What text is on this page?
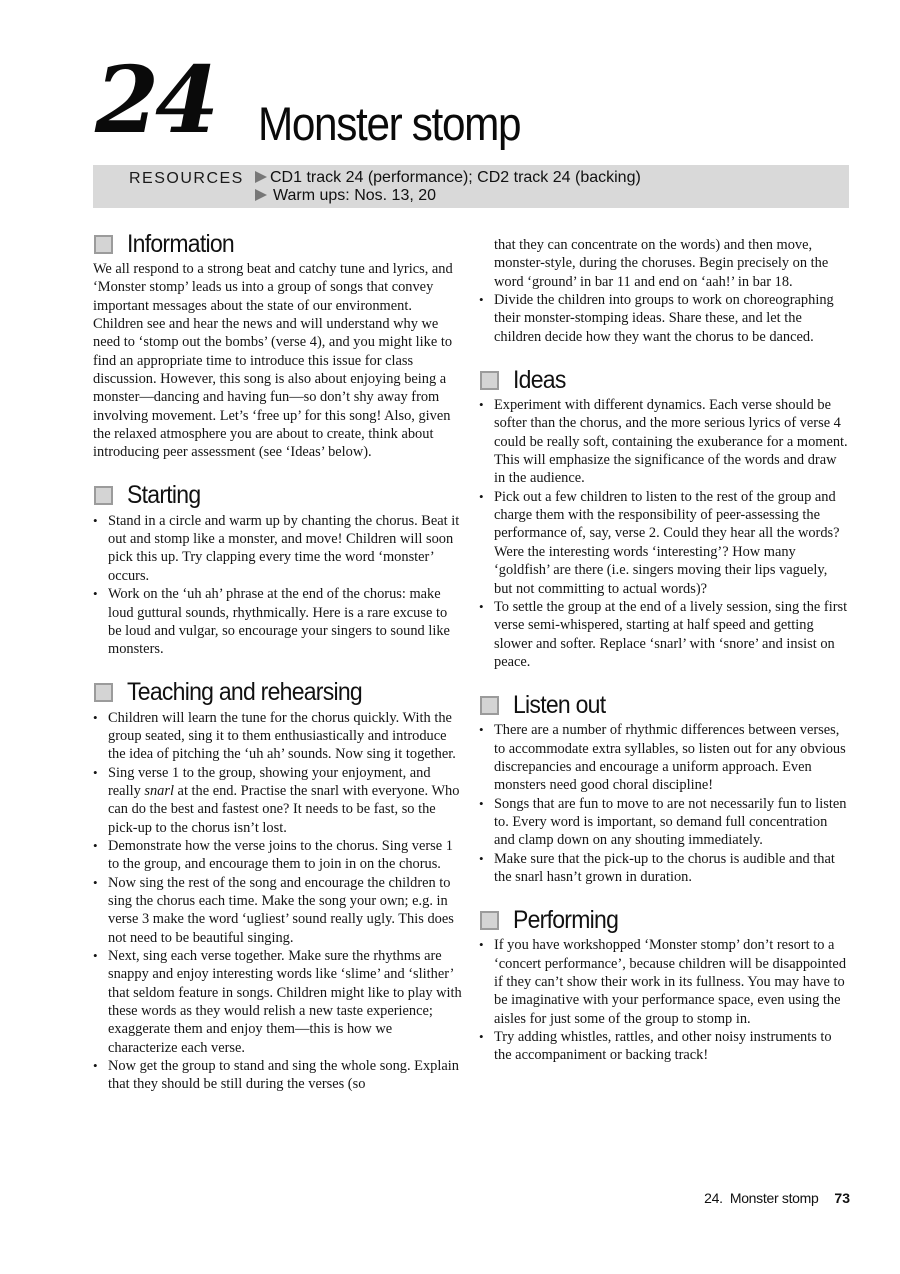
24 Monster stomp
RESOURCES	CD1 track 24 (performance); CD2 track 24 (backing)
Warm ups: Nos. 13, 20
Information

We all respond to a strong beat and catchy tune and lyrics, and ‘Monster stomp’ leads us into a group of songs that convey important messages about the state of our environment. Children see and hear the news and will understand why we need to ‘stomp out the bombs’ (verse 4), and you might like to find an appropriate time to introduce this issue for class discussion. However, this song is also about enjoying being a monster—dancing and having fun—so don’t shy away from involving movement. Let’s ‘free up’ for this song! Also, given the relaxed atmosphere you are about to create, think about introducing peer assessment (see ‘Ideas’ below).

Starting
• Stand in a circle and warm up by chanting the chorus. Beat it out and stomp like a monster, and move! Children will soon pick this up. Try clapping every time the word ‘monster’ occurs.
• Work on the ‘uh ah’ phrase at the end of the chorus: make loud guttural sounds, rhythmically. Here is a rare excuse to be loud and vulgar, so encourage your singers to sound like monsters.
Teaching and rehearsing
• Children will learn the tune for the chorus quickly. With the group seated, sing it to them enthusiastically and introduce the idea of pitching the ‘uh ah’ sounds. Now sing it together.
• Sing verse 1 to the group, showing your enjoyment, and really snarl at the end. Practise the snarl with everyone. Who can do the best and fastest one? It needs to be fast, so the pick-up to the chorus isn’t lost.
• Demonstrate how the verse joins to the chorus. Sing verse 1 to the group, and encourage them to join in on the chorus.
• Now sing the rest of the song and encourage the children to sing the chorus each time. Make the song your own; e.g. in verse 3 make the word ‘ugliest’ sound really ugly. This does not need to be beautiful singing.
• Next, sing each verse together. Make sure the rhythms are snappy and enjoy interesting words like ‘slime’ and ‘slither’ that seldom feature in songs. Children might like to play with these words as they would relish a new taste experience; exaggerate them and enjoy them—this is how we characterize each verse.
• Now get the group to stand and sing the whole song. Explain that they should be still during the verses (so
that they can concentrate on the words) and then move, monster-style, during the choruses. Begin precisely on the word ‘ground’ in bar 11 and end on ‘aah!’ in bar 18.
• Divide the children into groups to work on choreographing their monster-stomping ideas. Share these, and let the children decide how they want the chorus to be danced.
Ideas
• Experiment with different dynamics. Each verse should be softer than the chorus, and the more serious lyrics of verse 4 could be really soft, containing the exuberance for a moment. This will emphasize the significance of the words and draw in the audience.
• Pick out a few children to listen to the rest of the group and charge them with the responsibility of peer-assessing the performance of, say, verse 2. Could they hear all the words? Were the interesting words ‘interesting’? How many ‘goldfish’ are there (i.e. singers moving their lips vaguely, but not committing to actual words)?
• To settle the group at the end of a lively session, sing the first verse semi-whispered, starting at half speed and getting slower and softer. Replace ‘snarl’ with ‘snore’ and insist on peace.
Listen out
• There are a number of rhythmic differences between verses, to accommodate extra syllables, so listen out for any obvious discrepancies and encourage a uniform approach. Even monsters need good choral discipline!
• Songs that are fun to move to are not necessarily fun to listen to. Every word is important, so demand full concentration and clamp down on any shouting immediately.
• Make sure that the pick-up to the chorus is audible and that the snarl hasn’t grown in duration.
Performing
• If you have workshopped ‘Monster stomp’ don’t resort to a ‘concert performance’, because children will be disappointed if they can’t show their work in its fullness. You may have to be imaginative with your performance space, even using the aisles for just some of the group to stomp in.
• Try adding whistles, rattles, and other noisy instruments to the accompaniment or backing track!
24.  Monster stomp 73
